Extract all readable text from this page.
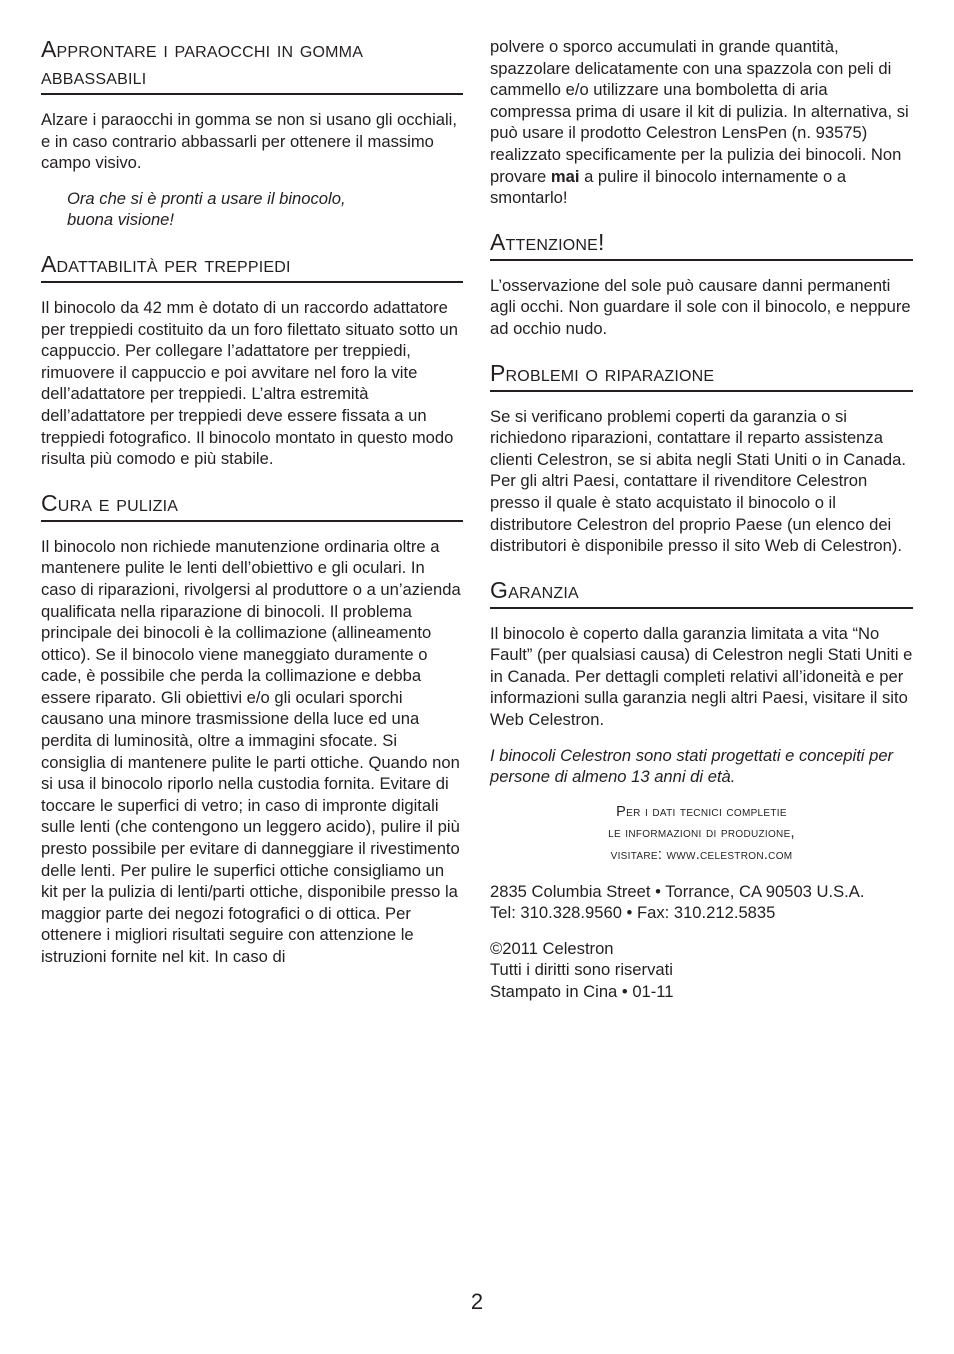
Approntare i paraocchi in gomma
abbassabili

Alzare i paraocchi in gomma se non si usano gli occhiali, e in caso contrario abbassarli per ottenere il massimo campo visivo.

Ora che si è pronti a usare il binocolo,
buona visione!

Adattabilità per treppiedi

Il binocolo da 42 mm è dotato di un raccordo adattatore per treppiedi costituito da un foro filettato situato sotto un cappuccio. Per collegare l’adattatore per treppiedi, rimuovere il cappuccio e poi avvitare nel foro la vite dell’adattatore per treppiedi. L’altra estremità dell’adattatore per treppiedi deve essere fissata a un treppiedi fotografico. Il binocolo montato in questo modo risulta più comodo e più stabile.

Cura e pulizia

Il binocolo non richiede manutenzione ordinaria oltre a mantenere pulite le lenti dell’obiettivo e gli oculari. In caso di riparazioni, rivolgersi al produttore o a un’azienda qualificata nella riparazione di binocoli. Il problema principale dei binocoli è la collimazione (allineamento ottico). Se il binocolo viene maneggiato duramente o cade, è possibile che perda la collimazione e debba essere riparato. Gli obiettivi e/o gli oculari sporchi causano una minore trasmissione della luce ed una perdita di luminosità, oltre a immagini sfocate. Si consiglia di mantenere pulite le parti ottiche. Quando non si usa il binocolo riporlo nella custodia fornita. Evitare di toccare le superfici di vetro; in caso di impronte digitali sulle lenti (che contengono un leggero acido), pulire il più presto possibile per evitare di danneggiare il rivestimento delle lenti. Per pulire le superfici ottiche consigliamo un kit per la pulizia di lenti/parti ottiche, disponibile presso la maggior parte dei negozi fotografici o di ottica. Per ottenere i migliori risultati seguire con attenzione le istruzioni fornite nel kit. In caso di

polvere o sporco accumulati in grande quantità, spazzolare delicatamente con una spazzola con peli di cammello e/o utilizzare una bomboletta di aria compressa prima di usare il kit di pulizia. In alternativa, si può usare il prodotto Celestron LensPen (n. 93575) realizzato specificamente per la pulizia dei binocoli. Non provare mai a pulire il binocolo internamente o a smontarlo!

Attenzione!

L’osservazione del sole può causare danni permanenti agli occhi. Non guardare il sole con il binocolo, e neppure ad occhio nudo.

Problemi o riparazione

Se si verificano problemi coperti da garanzia o si richiedono riparazioni, contattare il reparto assistenza clienti Celestron, se si abita negli Stati Uniti o in Canada. Per gli altri Paesi, contattare il rivenditore Celestron presso il quale è stato acquistato il binocolo o il distributore Celestron del proprio Paese (un elenco dei distributori è disponibile presso il sito Web di Celestron).

Garanzia

Il binocolo è coperto dalla garanzia limitata a vita “No Fault” (per qualsiasi causa) di Celestron negli Stati Uniti e in Canada. Per dettagli completi relativi all’idoneità e per informazioni sulla garanzia negli altri Paesi, visitare il sito Web Celestron.

I binocoli Celestron sono stati progettati e concepiti per persone di almeno 13 anni di età.

Per i dati tecnici completie
le informazioni di produzione,
visitare: www.celestron.com

2835 Columbia Street • Torrance, CA 90503 U.S.A.
Tel: 310.328.9560 • Fax: 310.212.5835

©2011 Celestron
Tutti i diritti sono riservati
Stampato in Cina • 01-11

2
